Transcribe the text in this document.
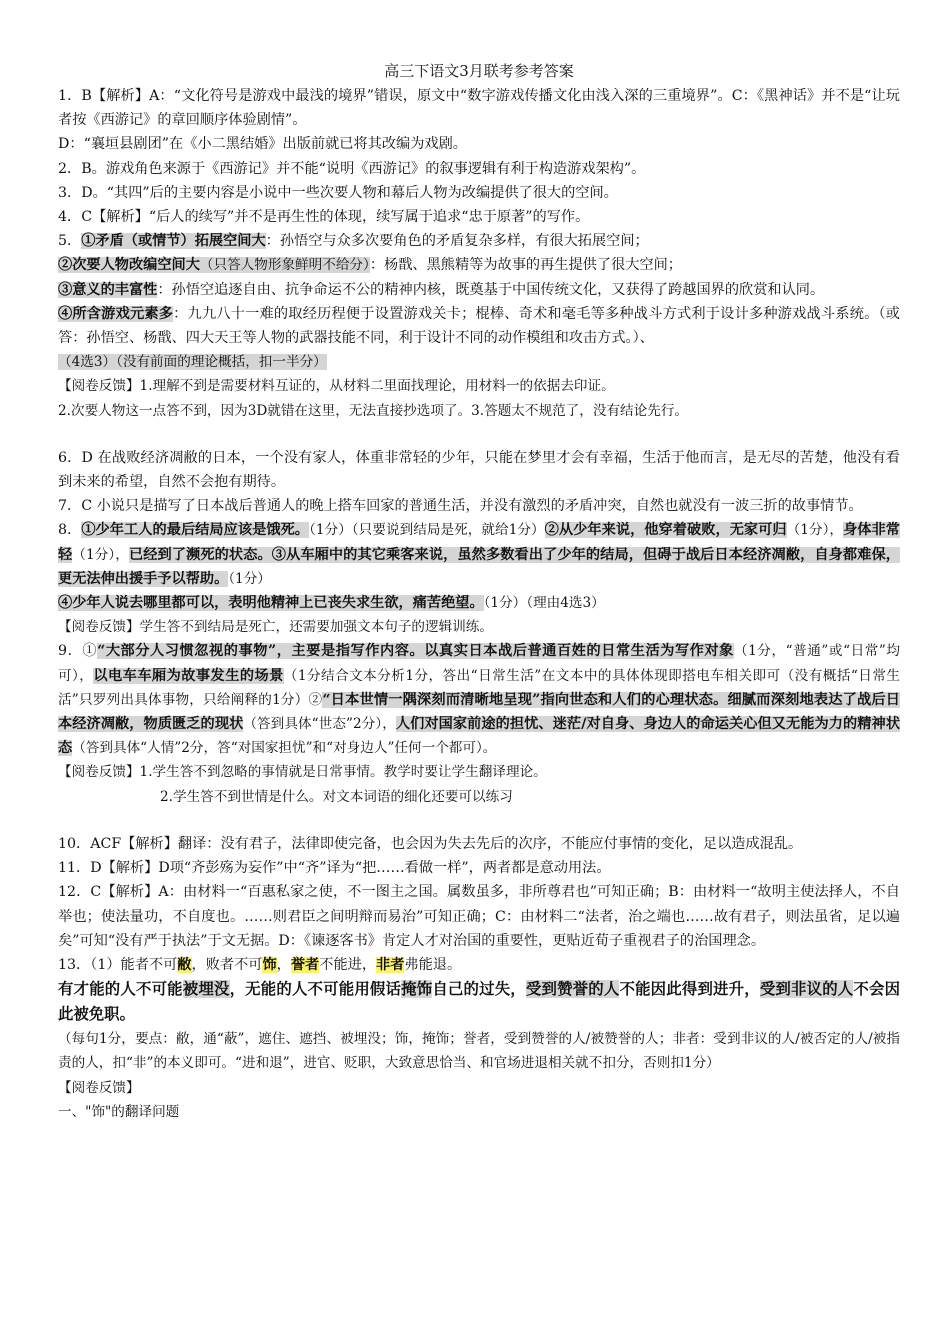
高三下语文3月联考参考答案

1．B【解析】A：“文化符号是游戏中最浅的境界”错误，原文中“数字游戏传播文化由浅入深的三重境界”。C：《黑神话》并不是“让玩者按《西游记》的章回顺序体验剧情”。

D：“襄垣县剧团”在《小二黑结婚》出版前就已将其改编为戏剧。

2．B。游戏角色来源于《西游记》并不能“说明《西游记》的叙事逻辑有利于构造游戏架构”。

3．D。“其四”后的主要内容是小说中一些次要人物和幕后人物为改编提供了很大的空间。

4．C【解析】“后人的续写”并不是再生性的体现，续写属于追求“忠于原著”的写作。

5．①矛盾（或情节）拓展空间大：孙悟空与众多次要角色的矛盾复杂多样，有很大拓展空间；

②次要人物改编空间大（只答人物形象鲜明不给分）：杨戬、黑熊精等为故事的再生提供了很大空间；

③意义的丰富性：孙悟空追逐自由、抗争命运不公的精神内核，既奠基于中国传统文化，又获得了跨越国界的欣赏和认同。

④所含游戏元素多：九九八十一难的取经历程便于设置游戏关卡；棍棒、奇术和毫毛等多种战斗方式利于设计多种游戏战斗系统。（或答：孙悟空、杨戬、四大天王等人物的武器技能不同，利于设计不同的动作模组和攻击方式。）、

（4选3）（没有前面的理论概括，扣一半分）

【阅卷反馈】1.理解不到是需要材料互证的，从材料二里面找理论，用材料一的依据去印证。

2.次要人物这一点答不到，因为3D就错在这里，无法直接抄选项了。3.答题太不规范了，没有结论先行。

6．D 在战败经济凋敝的日本，一个没有家人，体重非常轻的少年，只能在梦里才会有幸福，生活于他而言，是无尽的苦楚，他没有看到未来的希望，自然不会抱有期待。

7．C 小说只是描写了日本战后普通人的晚上搭车回家的普通生活，并没有激烈的矛盾冲突，自然也就没有一波三折的故事情节。

8．①少年工人的最后结局应该是饿死。（1分）（只要说到结局是死，就给1分）②从少年来说，他穿着破败，无家可归（1分），身体非常轻（1分），已经到了濒死的状态。③从车厢中的其它乘客来说，虽然多数看出了少年的结局，但碍于战后日本经济凋敝，自身都难保，更无法伸出援手予以帮助。（1分）

④少年人说去哪里都可以，表明他精神上已丧失求生欲，痛苦绝望。（1分）（理由4选3）

【阅卷反馈】学生答不到结局是死亡，还需要加强文本句子的逻辑训练。

9．①“大部分人习惯忽视的事物”，主要是指写作内容。以真实日本战后普通百姓的日常生活为写作对象（1分，“普通”或“日常”均可），以电车车厢为故事发生的场景（1分结合文本分析1分，答出“日常生活”在文本中的具体体现即搭电车相关即可（没有概括“日常生活”只罗列出具体事物，只给阐释的1分）②“日本世情一隅深刻而清晰地呈现”指向世态和人们的心理状态。细腻而深刻地表达了战后日本经济凋敝，物质匮乏的现状（答到具体“世态”2分），人们对国家前途的担忧、迷茫/对自身、身边人的命运关心但又无能为力的精神状态（答到具体“人情”2分，答“对国家担忧”和“对身边人”任何一个都可）。

【阅卷反馈】1.学生答不到忽略的事情就是日常事情。教学时要让学生翻译理论。

2.学生答不到世情是什么。对文本词语的细化还要可以练习

10．ACF【解析】翻译：没有君子，法律即使完备，也会因为失去先后的次序，不能应付事情的变化，足以造成混乱。

11．D【解析】D项“齐彭殇为妄作”中“齐”译为“把……看做一样”，两者都是意动用法。

12．C【解析】A：由材料一“百惠私家之使，不一图主之国。属数虽多，非所尊君也”可知正确；B：由材料一“故明主使法择人，不自举也；使法量功，不自度也。……则君臣之间明辩而易治”可知正确；C：由材料二“法者，治之端也……故有君子，则法虽省，足以遍矣”可知“没有严于执法”于文无据。D：《谏逐客书》肯定人才对治国的重要性，更贴近荀子重视君子的治国理念。

13．（1）能者不可敝，败者不可饰，誉者不能进，非者弗能退。

有才能的人不可能被埋没，无能的人不可能用假话掩饰自己的过失，受到赞誉的人不能因此得到进升，受到非议的人不会因此被免职。

（每句1分，要点：敝，通“蔽”，遮住、遮挡、被埋没；饰，掩饰；誉者，受到赞誉的人/被赞誉的人；非者：受到非议的人/被否定的人/被指责的人，扣“非”的本义即可。“进和退”，进官、贬职，大致意思恰当、和官场进退相关就不扣分，否则扣1分）

【阅卷反馈】

一、"饰"的翻译问题
